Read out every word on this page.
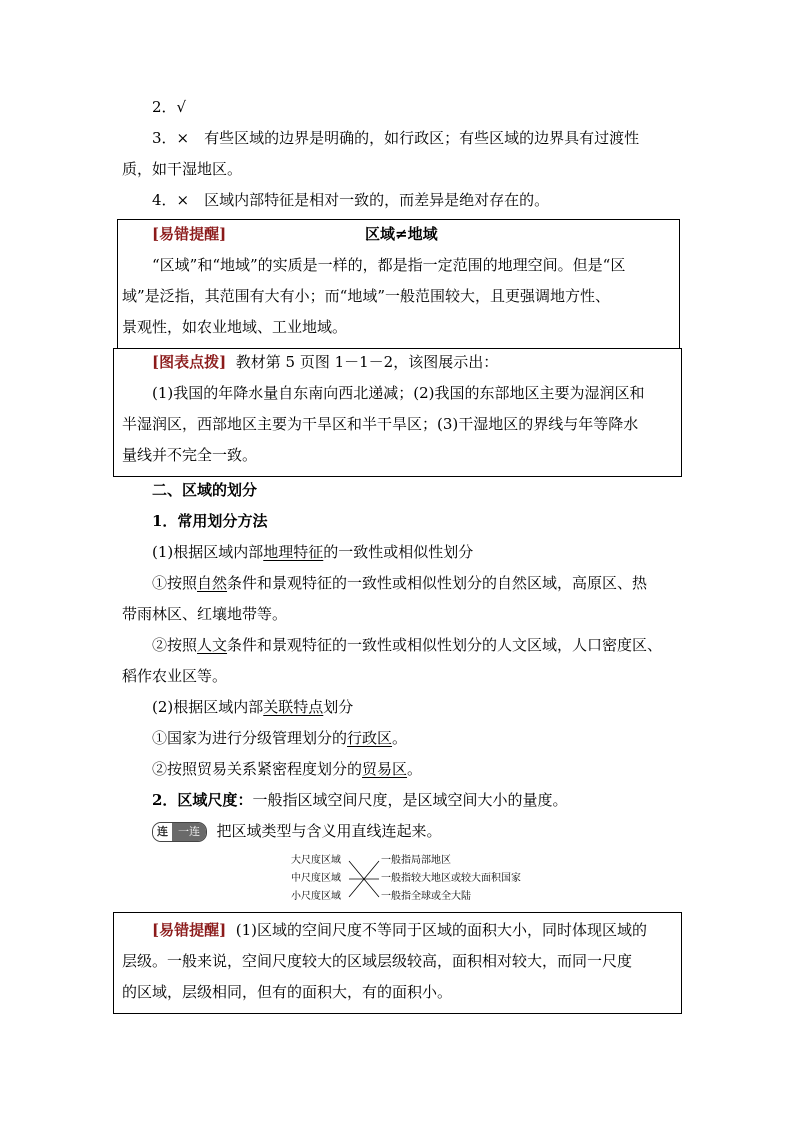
2．√
3．×　有些区域的边界是明确的，如行政区；有些区域的边界具有过渡性
质，如干湿地区。
4．×　区域内部特征是相对一致的，而差异是绝对存在的。
[易错提醒]	区域≠地域
“区域”和“地域”的实质是一样的，都是指一定范围的地理空间。但是“区
域”是泛指，其范围有大有小；而“地域”一般范围较大，且更强调地方性、
景观性，如农业地域、工业地域。
[图表点拨] 教材第 5 页图 1－1－2，该图展示出：
(1)我国的年降水量自东南向西北递减；(2)我国的东部地区主要为湿润区和
半湿润区，西部地区主要为干旱区和半干旱区；(3)干湿地区的界线与年等降水
量线并不完全一致。
二、区域的划分
1．常用划分方法
(1)根据区域内部地理特征的一致性或相似性划分
①按照自然条件和景观特征的一致性或相似性划分的自然区域，高原区、热
带雨林区、红壤地带等。
②按照人文条件和景观特征的一致性或相似性划分的人文区域，人口密度区、
稻作农业区等。
(2)根据区域内部关联特点划分
①国家为进行分级管理划分的行政区。
②按照贸易关系紧密程度划分的贸易区。
2．区域尺度：一般指区域空间尺度，是区域空间大小的量度。
连 一连	把区域类型与含义用直线连起来。
大尺度区域
中尺度区域
小尺度区域
一般指局部地区
一般指较大地区或较大面积国家
一般指全球或全大陆
[易错提醒] (1)区域的空间尺度不等同于区域的面积大小，同时体现区域的
层级。一般来说，空间尺度较大的区域层级较高，面积相对较大，而同一尺度
的区域，层级相同，但有的面积大，有的面积小。
